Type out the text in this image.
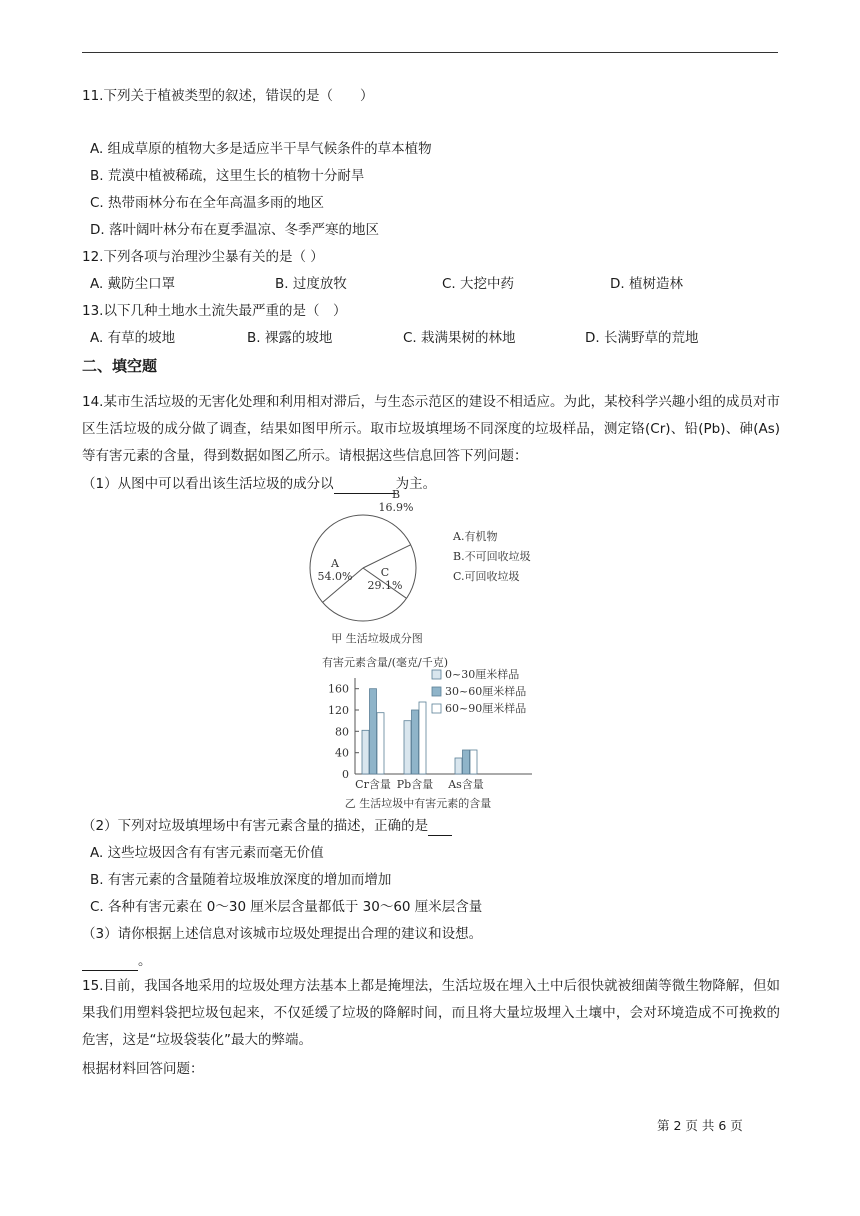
11.下列关于植被类型的叙述，错误的是（　　）
A. 组成草原的植物大多是适应半干旱气候条件的草本植物
B. 荒漠中植被稀疏，这里生长的植物十分耐旱
C. 热带雨林分布在全年高温多雨的地区
D. 落叶阔叶林分布在夏季温凉、冬季严寒的地区
12.下列各项与治理沙尘暴有关的是（ ）
A. 戴防尘口罩	B. 过度放牧	C. 大挖中药	D. 植树造林
13.以下几种土地水土流失最严重的是（　）
A. 有草的坡地	B. 裸露的坡地	C. 栽满果树的林地	D. 长满野草的荒地
二、填空题
14.某市生活垃圾的无害化处理和利用相对滞后，与生态示范区的建设不相适应。为此，某校科学兴趣小组的成员对市区生活垃圾的成分做了调查，结果如图甲所示。取市垃圾填埋场不同深度的垃圾样品，测定铬(Cr)、铅(Pb)、砷(As)等有害元素的含量，得到数据如图乙所示。请根据这些信息回答下列问题：
（1）从图中可以看出该生活垃圾的成分以	为主。
A
54.0%
B
16.9%
C
29.1%
A.有机物
B.不可回收垃圾
C.可回收垃圾
甲 生活垃圾成分图
有害元素含量/(毫克/千克)
0
40
80
120
160
Cr含量 Pb含量 As含量
0~30厘米样品
30~60厘米样品
60~90厘米样品
乙 生活垃圾中有害元素的含量
（2）下列对垃圾填埋场中有害元素含量的描述，正确的是
A. 这些垃圾因含有有害元素而毫无价值
B. 有害元素的含量随着垃圾堆放深度的增加而增加
C. 各种有害元素在 0～30 厘米层含量都低于 30～60 厘米层含量
（3）请你根据上述信息对该城市垃圾处理提出合理的建议和设想。
。
15.目前，我国各地采用的垃圾处理方法基本上都是掩埋法，生活垃圾在埋入土中后很快就被细菌等微生物降解，但如果我们用塑料袋把垃圾包起来，不仅延缓了垃圾的降解时间，而且将大量垃圾埋入土壤中，会对环境造成不可挽救的危害，这是“垃圾袋装化”最大的弊端。
根据材料回答问题：
第 2 页 共 6 页
